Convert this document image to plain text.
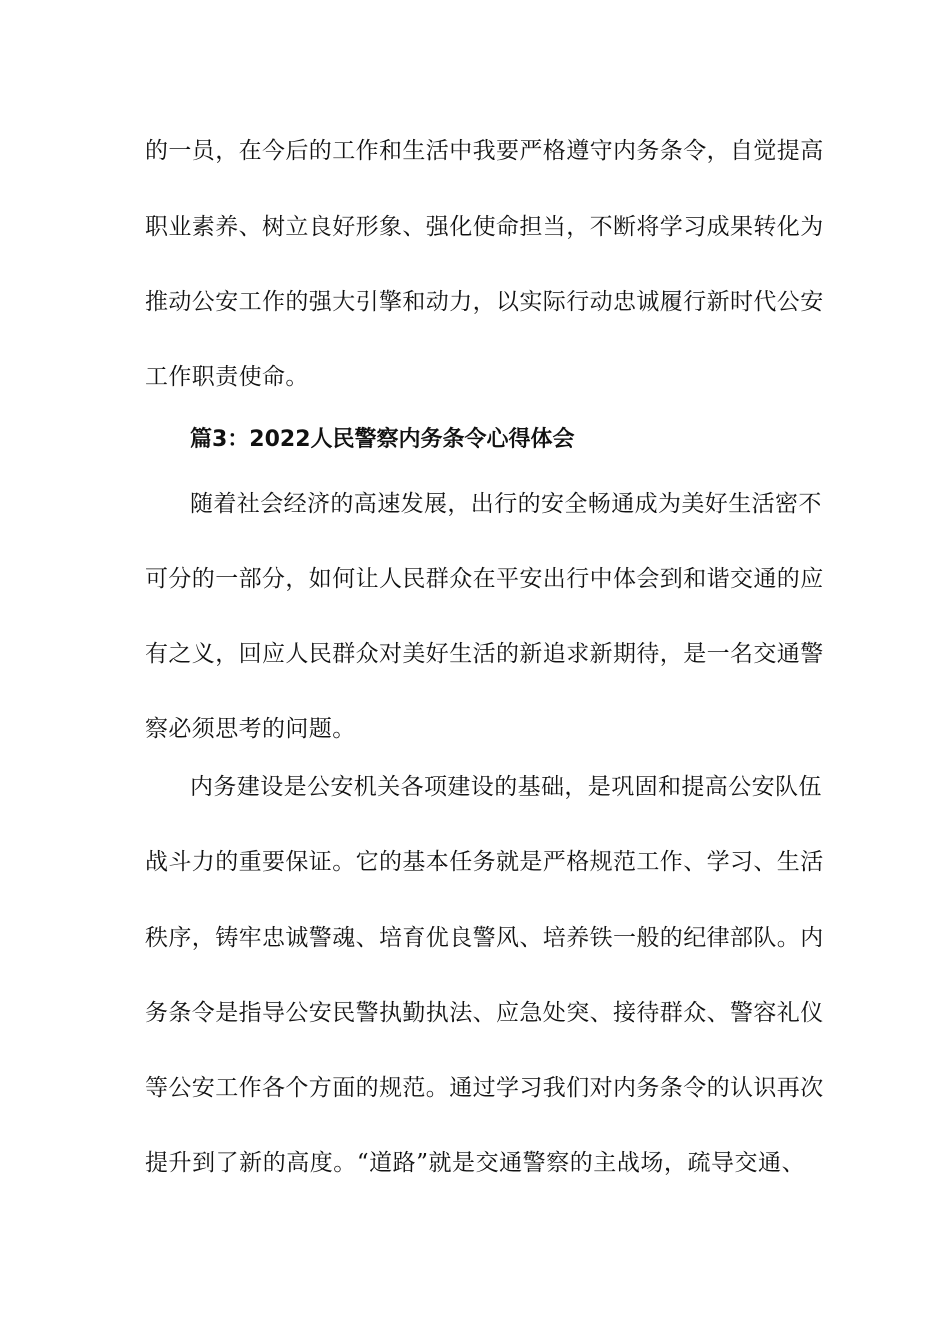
的一员，在今后的工作和生活中我要严格遵守内务条令，自觉提高
职业素养、树立良好形象、强化使命担当，不断将学习成果转化为
推动公安工作的强大引擎和动力，以实际行动忠诚履行新时代公安
工作职责使命。
篇3：2022人民警察内务条令心得体会
随着社会经济的高速发展，出行的安全畅通成为美好生活密不
可分的一部分，如何让人民群众在平安出行中体会到和谐交通的应
有之义，回应人民群众对美好生活的新追求新期待，是一名交通警
察必须思考的问题。
内务建设是公安机关各项建设的基础，是巩固和提高公安队伍
战斗力的重要保证。它的基本任务就是严格规范工作、学习、生活
秩序，铸牢忠诚警魂、培育优良警风、培养铁一般的纪律部队。内
务条令是指导公安民警执勤执法、应急处突、接待群众、警容礼仪
等公安工作各个方面的规范。通过学习我们对内务条令的认识再次
提升到了新的高度。“道路”就是交通警察的主战场，疏导交通、
